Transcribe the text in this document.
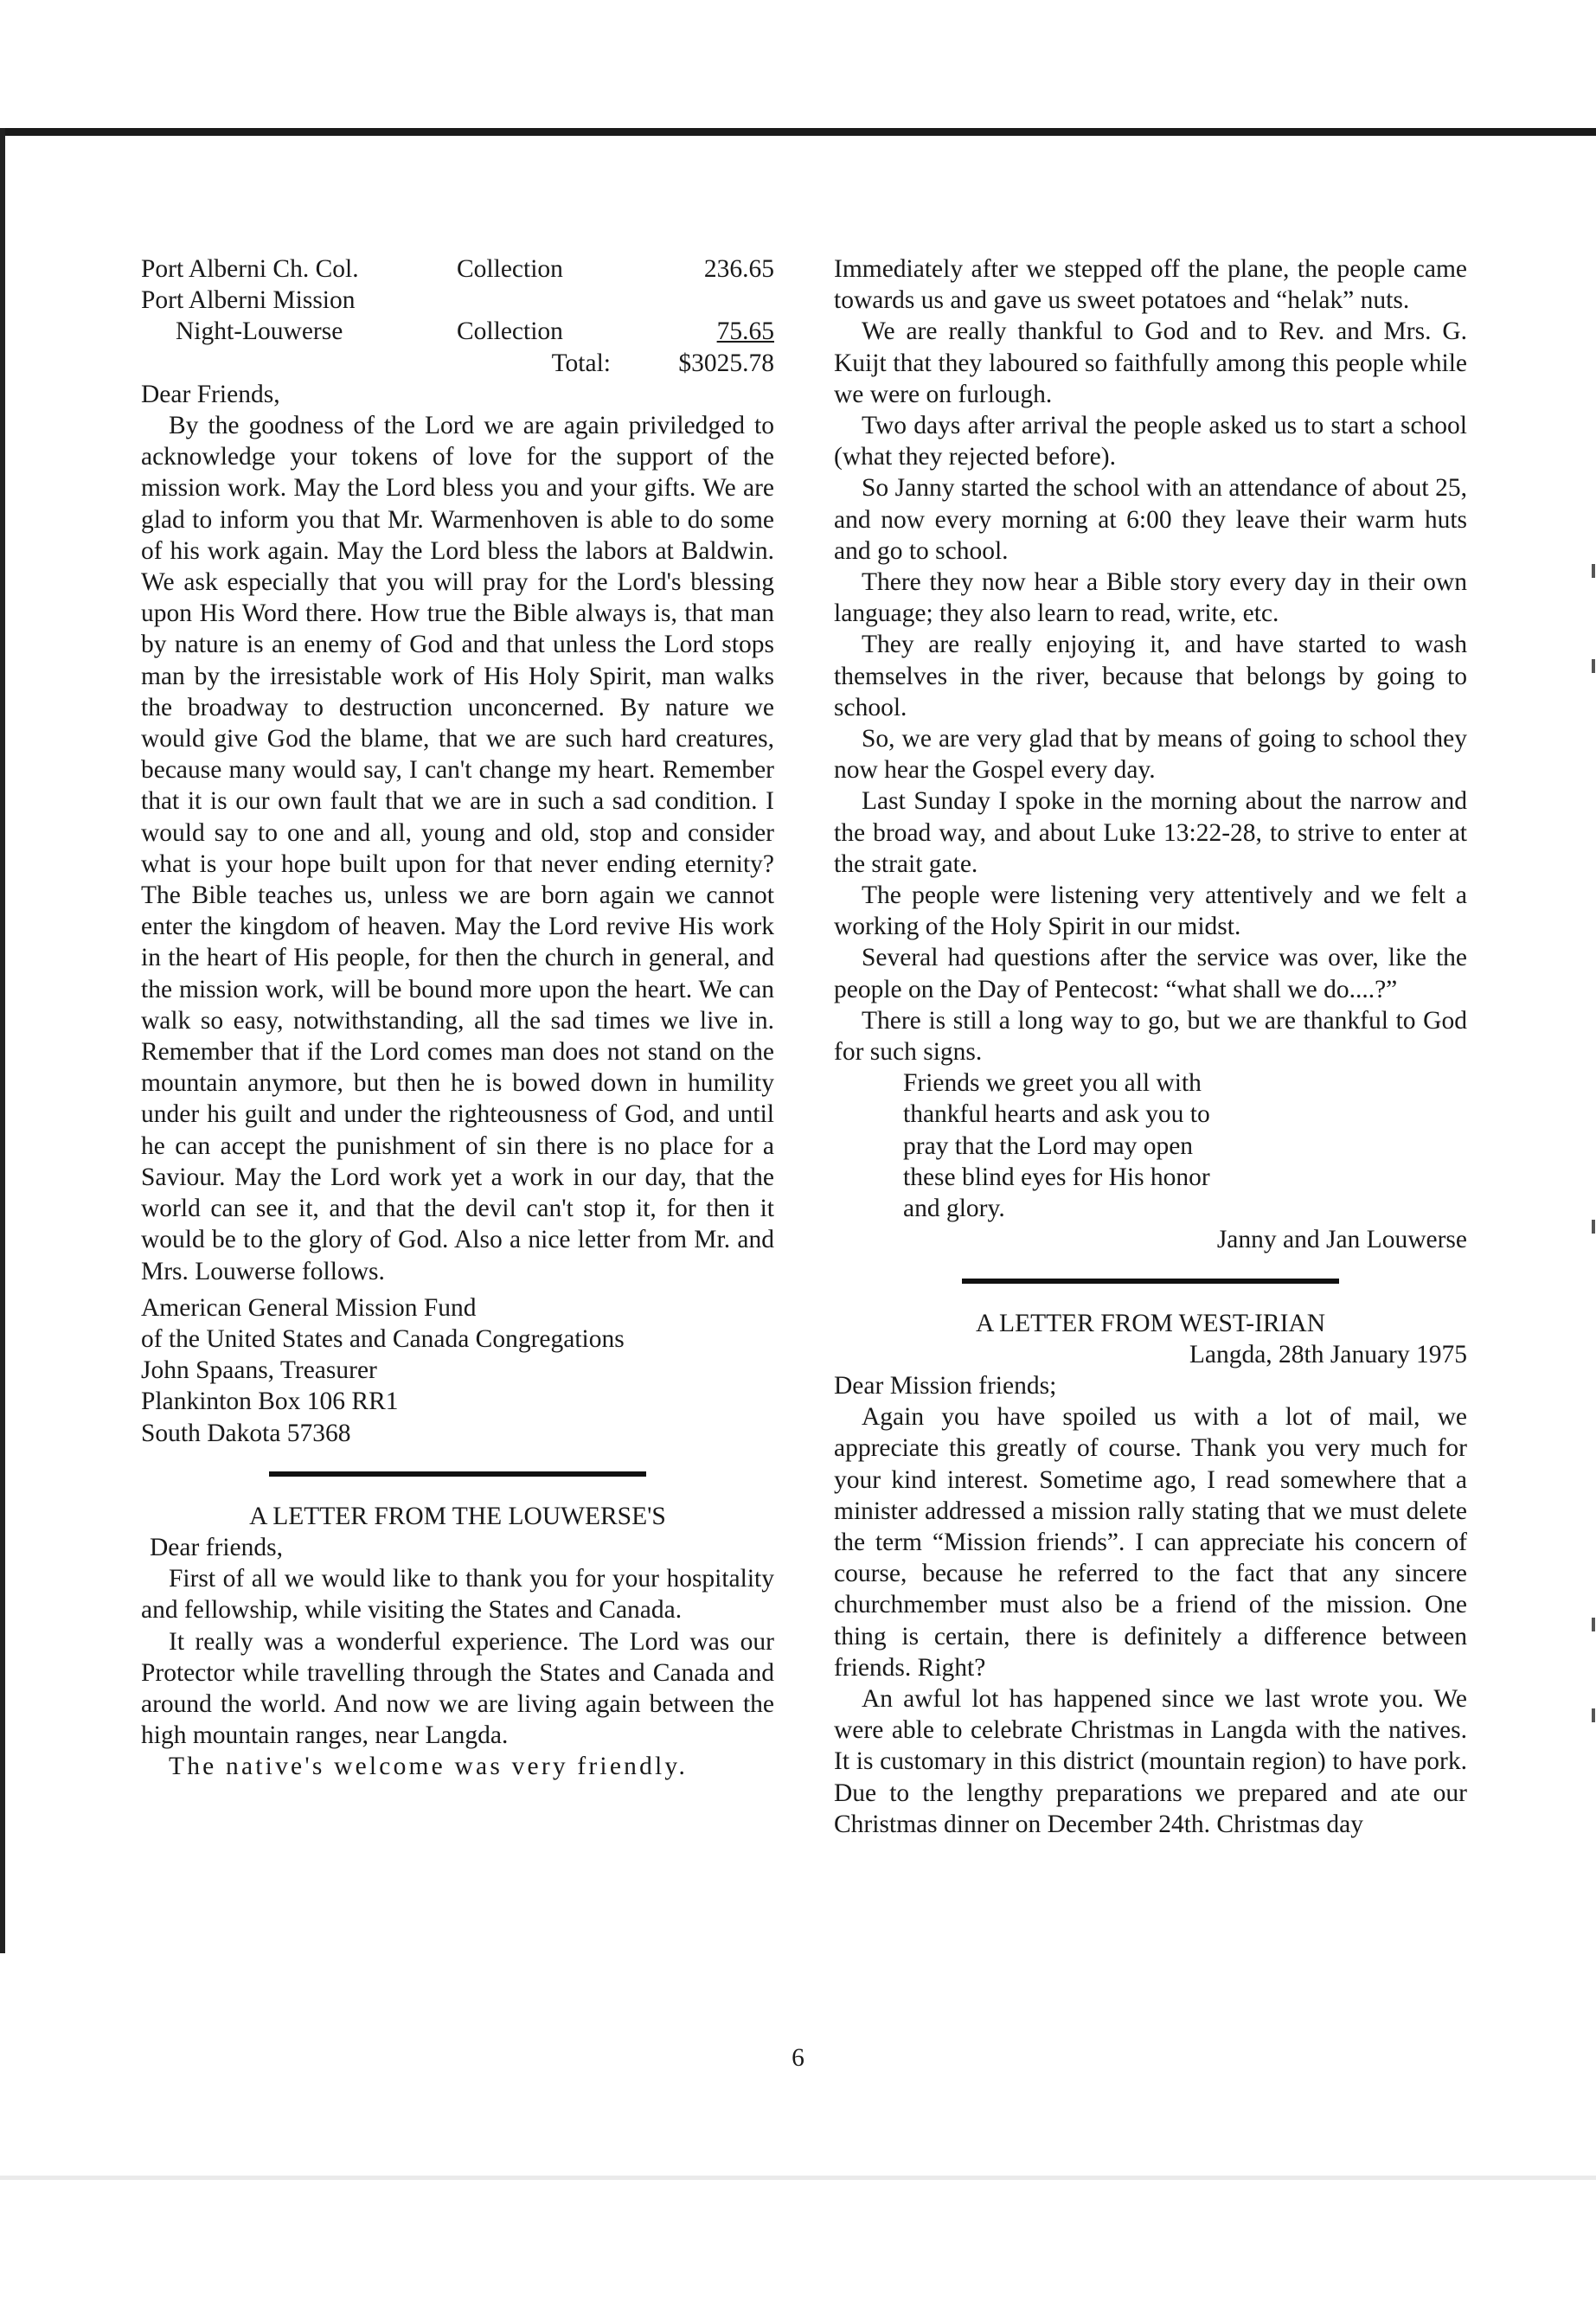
Port Alberni Ch. Col.	Collection	236.65
Port Alberni Mission
Night-Louwerse	Collection	75.65
Total:	$3025.78

Dear Friends,

By the goodness of the Lord we are again priviledged to acknowledge your tokens of love for the support of the mission work. May the Lord bless you and your gifts. We are glad to inform you that Mr. Warmenhoven is able to do some of his work again. May the Lord bless the labors at Baldwin. We ask especially that you will pray for the Lord's blessing upon His Word there. How true the Bible always is, that man by nature is an enemy of God and that unless the Lord stops man by the irresistable work of His Holy Spirit, man walks the broadway to destruction unconcerned. By nature we would give God the blame, that we are such hard creatures, because many would say, I can't change my heart. Remember that it is our own fault that we are in such a sad condition. I would say to one and all, young and old, stop and consider what is your hope built upon for that never ending eternity? The Bible teaches us, unless we are born again we cannot enter the kingdom of heaven. May the Lord revive His work in the heart of His people, for then the church in general, and the mission work, will be bound more upon the heart. We can walk so easy, notwithstanding, all the sad times we live in. Remember that if the Lord comes man does not stand on the mountain anymore, but then he is bowed down in humility under his guilt and under the righteousness of God, and until he can accept the punishment of sin there is no place for a Saviour. May the Lord work yet a work in our day, that the world can see it, and that the devil can't stop it, for then it would be to the glory of God. Also a nice letter from Mr. and Mrs. Louwerse follows.

American General Mission Fund

of the United States and Canada Congregations

John Spaans, Treasurer

Plankinton Box 106 RR1

South Dakota 57368

A LETTER FROM THE LOUWERSE'S

Dear friends,

First of all we would like to thank you for your hospitality and fellowship, while visiting the States and Canada.

It really was a wonderful experience. The Lord was our Protector while travelling through the States and Canada and around the world. And now we are living again between the high mountain ranges, near Langda.

The native's welcome was very friendly.

Immediately after we stepped off the plane, the people came towards us and gave us sweet potatoes and “helak” nuts.

We are really thankful to God and to Rev. and Mrs. G. Kuijt that they laboured so faithfully among this people while we were on furlough.

Two days after arrival the people asked us to start a school (what they rejected before).

So Janny started the school with an attendance of about 25, and now every morning at 6:00 they leave their warm huts and go to school.

There they now hear a Bible story every day in their own language; they also learn to read, write, etc.

They are really enjoying it, and have started to wash themselves in the river, because that belongs by going to school.

So, we are very glad that by means of going to school they now hear the Gospel every day.

Last Sunday I spoke in the morning about the narrow and the broad way, and about Luke 13:22-28, to strive to enter at the strait gate.

The people were listening very attentively and we felt a working of the Holy Spirit in our midst.

Several had questions after the service was over, like the people on the Day of Pentecost: “what shall we do....?”

There is still a long way to go, but we are thankful to God for such signs.

Friends we greet you all with

thankful hearts and ask you to

pray that the Lord may open

these blind eyes for His honor

and glory.

Janny and Jan Louwerse

A LETTER FROM WEST-IRIAN

Langda, 28th January 1975

Dear Mission friends;

Again you have spoiled us with a lot of mail, we appreciate this greatly of course. Thank you very much for your kind interest. Sometime ago, I read somewhere that a minister addressed a mission rally stating that we must delete the term “Mission friends”. I can appreciate his concern of course, because he referred to the fact that any sincere churchmember must also be a friend of the mission. One thing is certain, there is definitely a difference between friends. Right?

An awful lot has happened since we last wrote you. We were able to celebrate Christmas in Langda with the natives. It is customary in this district (mountain region) to have pork. Due to the lengthy preparations we prepared and ate our Christmas dinner on December 24th. Christmas day

6
